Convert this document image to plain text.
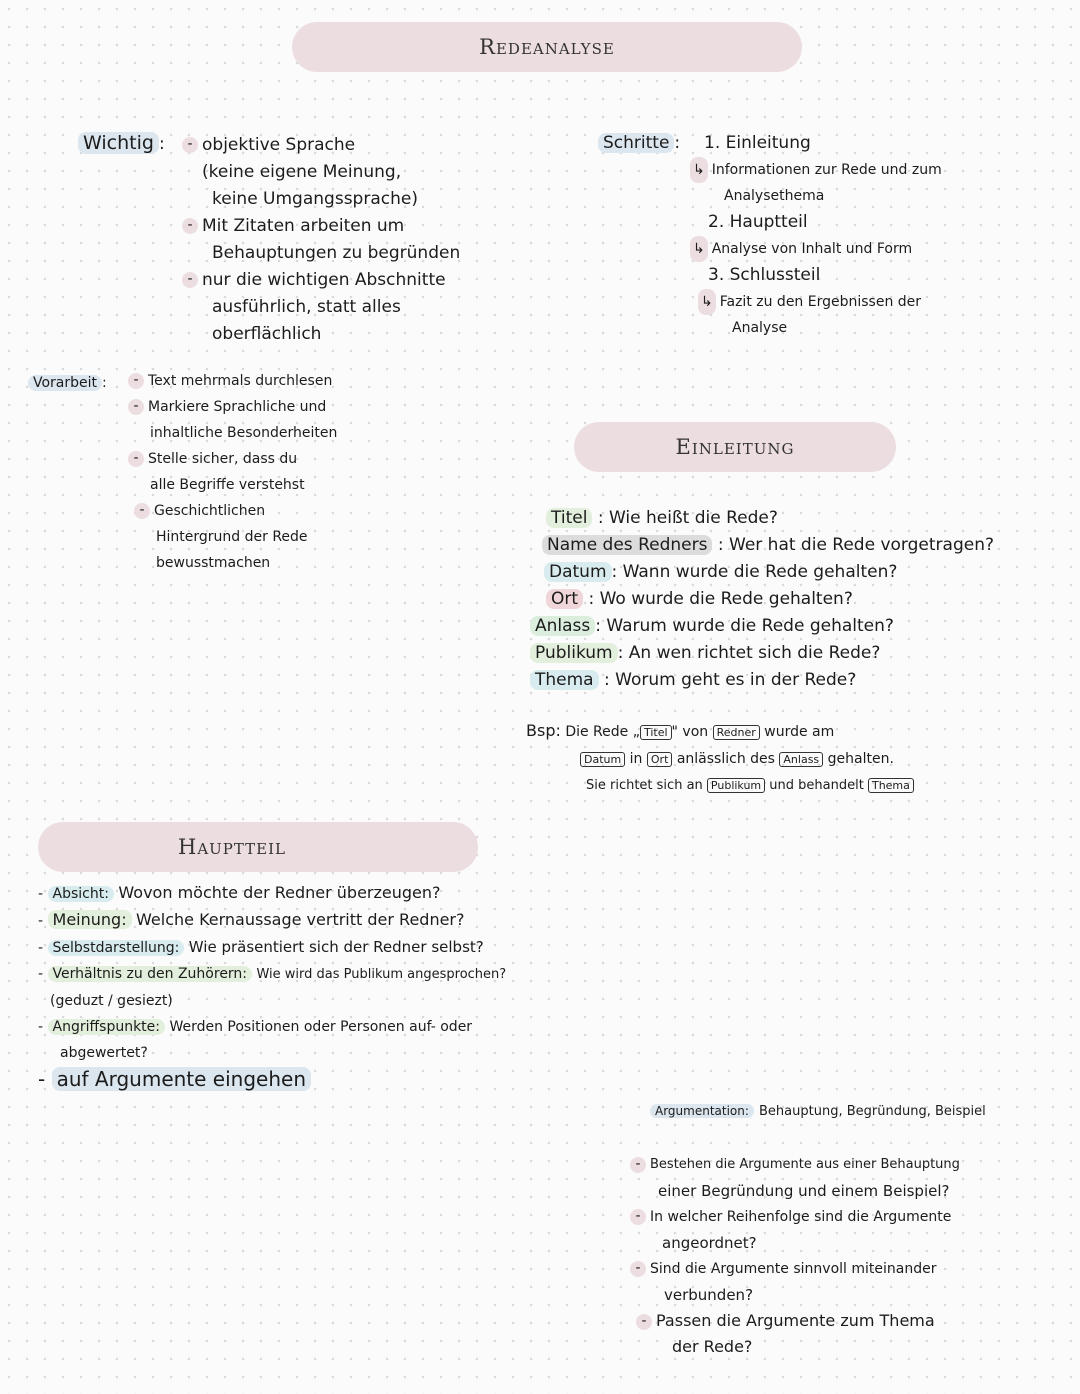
Redeanalyse
Wichtig :	- objektive Sprache
(keine eigene Meinung,
keine Umgangssprache)
- Mit Zitaten arbeiten um
Behauptungen zu begründen
- nur die wichtigen Abschnitte
ausführlich, statt alles
oberflächlich
Schritte :	1. Einleitung
↳ Informationen zur Rede und zum
Analysethema
2. Hauptteil
↳ Analyse von Inhalt und Form
3. Schlussteil
↳ Fazit zu den Ergebnissen der
Analyse
Vorarbeit :	- Text mehrmals durchlesen
- Markiere Sprachliche und
inhaltliche Besonderheiten
- Stelle sicher, dass du
alle Begriffe verstehst
- Geschichtlichen
Hintergrund der Rede
bewusstmachen
Einleitung
Titel : Wie heißt die Rede?
Name des Redners : Wer hat die Rede vorgetragen?
Datum : Wann wurde die Rede gehalten?
Ort : Wo wurde die Rede gehalten?
Anlass : Warum wurde die Rede gehalten?
Publikum : An wen richtet sich die Rede?
Thema : Worum geht es in der Rede?
Bsp: Die Rede „ Titel " von Redner wurde am
Datum in Ort anlässlich des Anlass gehalten.
Sie richtet sich an Publikum und behandelt Thema
Hauptteil
- Absicht: Wovon möchte der Redner überzeugen?
- Meinung: Welche Kernaussage vertritt der Redner?
- Selbstdarstellung: Wie präsentiert sich der Redner selbst?
- Verhältnis zu den Zuhörern: Wie wird das Publikum angesprochen?
(geduzt / gesiezt)
- Angriffspunkte: Werden Positionen oder Personen auf- oder
abgewertet?
- auf Argumente eingehen
Argumentation: Behauptung, Begründung, Beispiel
- Bestehen die Argumente aus einer Behauptung
einer Begründung und einem Beispiel?
- In welcher Reihenfolge sind die Argumente
angeordnet?
- Sind die Argumente sinnvoll miteinander
verbunden?
- Passen die Argumente zum Thema
der Rede?
